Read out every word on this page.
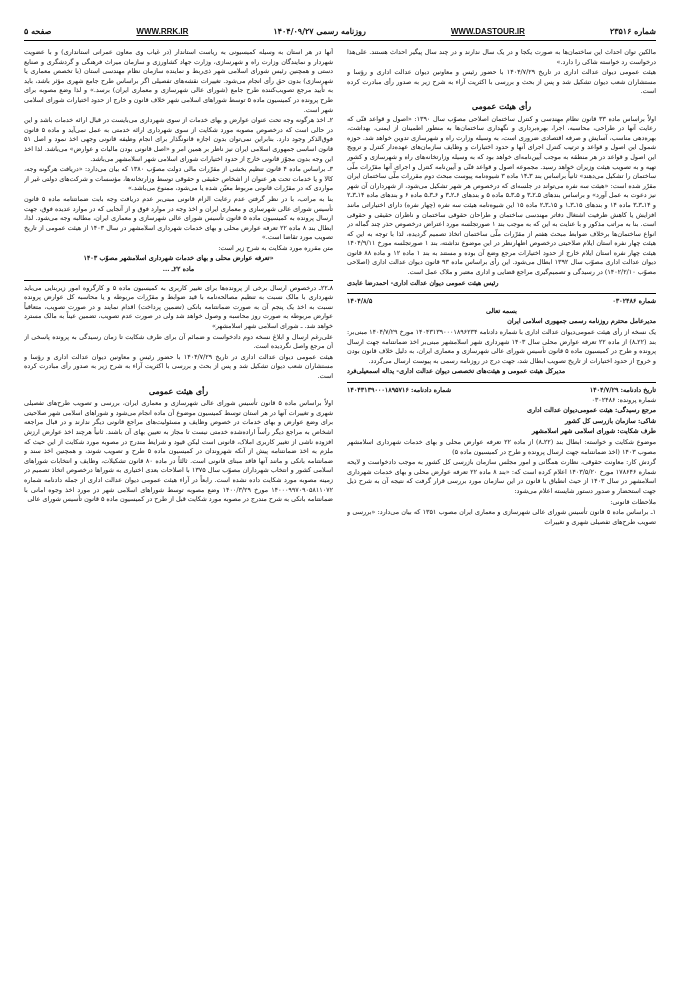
شماره ۲۳۵۱۶
WWW.DASTOUR.IR
روزنامه رسمی ۱۴۰۴/۰۹/۲۷
WWW.RRK.IR
صفحه ۵

مالکین توان احداث این ساختمان‌ها به صورت یکجا و در یک سال ندارند و در چند سال پیگیر احداث هستند. علی‌هذا درخواست رد خواسته شاکی را دارد.»

هیئت عمومی دیوان عدالت اداری در تاریخ ۱۴۰۴/۷/۲۹ با حضور رئیس و معاونین دیوان عدالت اداری و رؤسا و مستشاران شعب دیوان تشکیل شد و پس از بحث و بررسی با اکثریت آراء به شرح زیر به صدور رأی مبادرت کرده است.

رأی هیئت عمومی

اولاً براساس ماده ۳۳ قانون نظام مهندسی و کنترل ساختمان اصلاحی مصوّب سال ۱۳۹۰: «اصول و قواعد فنّی که رعایت آنها در طراحی، محاسبه، اجرا، بهره‌برداری و نگهداری ساختمان‌ها به منظور اطمینان از ایمنی، بهداشت، بهره‌دهی مناسب، آسایش و صرفه اقتصادی ضروری است، به وسیله وزارت راه و شهرسازی تدوین خواهد شد. حوزه شمول این اصول و قواعد و ترتیب کنترل اجرای آنها و حدود اختیارات و وظایف سازمان‌های عهده‌دار کنترل و ترویج این اصول و قواعد در هر منطقه به موجب آیین‌نامه‌ای خواهد بود که به وسیله وزارتخانه‌های راه و شهرسازی و کشور تهیه و به تصویب هیئت وزیران خواهد رسید. مجموعه اصول و قواعد فنّی و آیین‌نامه کنترل و اجرای آنها مقرّرات ملّی ساختمان را تشکیل می‌دهند» ثانیاً براساس بند ۳ـ۱۴ ماده ۳ شیوه‌نامه پیوست مبحث دوم مقررات ملّی ساختمان ایران مقرّر شده است: «هیئت سه نفره می‌تواند در جلسه‌ای که درخصوص هر شهر تشکیل می‌شود، از شهرداران آن شهر نیز دعوت به عمل آورد» و براساس بندهای ۵ـ۲ـ۳ و ۵ـ۳ـ۵ ماده ۵ و بندهای ۶ـ۲ـ۳ و ۶ـ۳ـ۵ ماده ۶ و بندهای ماده ۱۴ـ۳ـ۲ و ۱۴ـ۳ـ۳ ماده ۱۴ و بندهای ۱۵ـ۳ـ۱ و ۱۵ـ۳ـ۲ ماده ۱۵ این شیوه‌نامه هیئت سه نفره (چهار نفره) دارای اختیاراتی مانند افزایش یا کاهش ظرفیت اشتغال دفاتر مهندسی ساختمان و طراحان حقوقی ساختمان و ناظران حقیقی و حقوقی است. بنا به مراتب مذکور و با عنایت به این که به موجب بند ۱ صورتجلسه مورد اعتراض درخصوص حذر چند گماله در انواع ساختمان‌ها برخلاف ضوابط مبحث هفتم از مقرّرات ملّی ساختمان اتخاذ تصمیم گردیده، لذا با توجه به این که هیئت چهار نفره استان ایلام صلاحیتی درخصوص اظهارنظر در این موضوع نداشته، بند ۱ صورتجلسه مورخ ۱۴۰۴/۹/۱۱ هیئت چهار نفره استان ایلام خارج از حدود اختیارات مرجع وضع آن بوده و مستند به بند ۱ ماده ۱۲ و ماده ۸۸ قانون دیوان عدالت اداری مصوّب سال ۱۳۹۲ ابطال می‌شود. این رأی براساس ماده ۹۳ قانون دیوان عدالت اداری (اصلاحی مصوّب ۱۴۰۲/۲/۱۰) در رسیدگی و تصمیم‌گیری مراجع قضایی و اداری معتبر و ملاک عمل است.

رئیس هیئت عمومی دیوان عدالت اداری- احمدرضا عابدی

شماره ۰۳۰۲۴۸۶
۱۴۰۴/۸/۵

بسمه تعالی

مدیرعامل محترم روزنامه رسمی جمهوری اسلامی ایران

یک نسخه از رأی هیئت عمومی‌دیوان عدالت اداری با شماره دادنامه ۱۴۰۴۳۱۳۹۰۰۰۱۸۹۶۲۳۴ مورخ ۱۴۰۴/۷/۲۹ مبنی‌بر: بند (۲۲ـ۸) از ماده ۲۲ تعرفه عوارض محلی سال ۱۴۰۳ شهرداری شهر اسلامشهر مبنی‌بر اخذ ضمانتنامه جهت ارسال پرونده و طرح در کمیسیون ماده ۵ قانون تأسیس شورای عالی شهرسازی و معماری ایران، به دلیل خلاف قانون بودن و خروج از حدود اختیارات از تاریخ تصویب ابطال شد، جهت درج در روزنامه رسمی به پیوست ارسال می‌گردد.

مدیرکل هیئت عمومی و هیئت‌های تخصصی دیوان عدالت اداری- یداله اسمعیلی‌فرد

تاریخ دادنامه: ۱۴۰۴/۷/۲۹
شماره دادنامه: ۱۴۰۴۳۱۳۹۰۰۰۱۸۹۵۷۱۶

شماره پرونده: ۰۳۰۲۴۸۶

مرجع رسیدگی: هیئت عمومی‌دیوان عدالت اداری

شاکی: سازمان بازرسی کل کشور

طرف شکایت: شورای اسلامی شهر اسلامشهر

موضوع شکایت و خواسته: ابطال بند (۲۲ـ۸) از ماده ۲۲ تعرفه عوارض محلی و بهای خدمات شهرداری اسلامشهر مصوب ۱۴۰۳ (اخذ ضمانتنامه جهت ارسال پرونده و طرح در کمیسیون ماده ۵)

گردش کار: معاونت حقوقی، نظارت همگانی و امور مجلس سازمان بازرسی کل کشور به موجب دادخواست و لایحه شماره ۱۷۸۶۴۶ مورخ ۱۴۰۳/۵/۲۰ اعلام کرده است که: «بند ۸ ماده ۲۲ تعرفه عوارض محلی و بهای خدمات شهرداری اسلامشهر در سال ۱۴۰۳ از حیث انطباق با قانون در این سازمان مورد بررسی قرار گرفت که نتیجه آن به شرح ذیل جهت استحضار و صدور دستور شایسته اعلام می‌شود:

ملاحظات قانونی:

۱ـ براساس ماده ۵ قانون تأسیس شورای عالی شهرسازی و معماری ایران مصوب ۱۳۵۱ که بیان می‌دارد: «بررسی و تصویب طرح‌های تفصیلی شهری و تغییرات

آنها در هر استان به وسیله کمیسیونی به ریاست استاندار (در غیاب وی معاون عمرانی استانداری) و با عضویت شهردار و نمایندگان وزارت راه و شهرسازی، وزارت جهاد کشاورزی و سازمان میراث فرهنگی و گردشگری و صنایع دستی و همچنین رئیس شورای اسلامی شهر ذی‌ربط و نماینده سازمان نظام مهندسی استان (با تخصص معماری یا شهرسازی) بدون حق رأی انجام می‌شود. تغییرات نقشه‌های تفصیلی اگر براساس طرح جامع شهری مؤثر باشد، باید به تأیید مرجع تصویب‌کننده طرح جامع (شورای عالی شهرسازی و معماری ایران) برسد.» و لذا وضع مصوبه برای طرح پرونده در کمیسیون ماده ۵ توسط شوراهای اسلامی شهر خلاف قانون و خارج از حدود اختیارات شورای اسلامی شهر است.

۲ـ اخذ هرگونه وجه تحت عنوان عوارض و بهای خدمات از سوی شهرداری می‌بایست در قبال ارائه خدمات باشد و این در حالی است که درخصوص مصوبه مورد شکایت از سوی شهرداری ارائه خدمتی به عمل نمی‌آید و ماده ۵ قانون فوق‌الذکر وجود دارد. بنابراین نمی‌توان بدون اجازه قانونگذار برای انجام وظیفه قانونی وجهی اخذ نمود و اصل ۵۱ قانون اساسی جمهوری اسلامی ایران نیز ناظر بر همین امر و «اصل قانونی بودن مالیات و عوارض» می‌باشد. لذا اخذ این وجه بدون مجوّز قانونی خارج از حدود اختیارات شورای اسلامی شهر اسلامشهر می‌باشد.

۳ـ براساس ماده ۴ قانون تنظیم بخشی از مقرّرات مالی دولت مصوّب ۱۳۸۰ که بیان می‌دارد: «دریافت هرگونه وجه، کالا و یا خدمات تحت هر عنوان از اشخاص حقیقی و حقوقی توسط وزارتخانه‌ها، مؤسسات و شرکت‌های دولتی غیر از مواردی که در مقرّرات قانونی مربوط معیّن شده یا می‌شود، ممنوع می‌باشد.»

بنا به مراتب، با در نظر گرفتن عدم رعایت الزام قانونی مبنی‌بر عدم دریافت وجه بابت ضمانتنامه ماده ۵ قانون تأسیس شورای عالی شهرسازی و معماری ایران و اخذ وجه در موارد فوق و از آنجایی که در موارد عدیده فوق، جهت ارسال پرونده به کمیسیون ماده ۵ قانون تأسیس شورای عالی شهرسازی و معماری ایران، مطالبه وجه می‌شود. لذا، ابطال بند ۸ ماده ۲۲ تعرفه عوارض محلی و بهای خدمات شهرداری اسلامشهر در سال ۱۴۰۳ از هیئت عمومی از تاریخ تصویب مورد تقاضا است.»

متن مقرره مورد شکایت به شرح زیر است:

«تعرفه عوارض محلی و بهای خدمات شهرداری اسلامشهر مصوّب ۱۴۰۳

ماده ۲۲ـ ...

۸ـ۲۲ـ درخصوص ارسال برخی از پرونده‌ها برای تغییر کاربری به کمیسیون ماده ۵ و کارگروه امور زیربنایی می‌باید شهرداری با مالک نسبت به تنظیم مصالحه‌نامه با قید ضوابط و مقرّرات مربوطه و یا محاسبه کل عوارض پرونده نسبت به اخذ یک پنجم آن به صورت ضمانتنامه بانکی (تضمین پرداخت) اقدام نمایند و در صورت تصویب، متعاقباً عوارض مربوطه به صورت روز محاسبه و وصول خواهد شد ولی در صورت عدم تصویب، تضمین عیناً به مالک مسترد خواهد شد. ـ شورای اسلامی شهر اسلامشهر»

علی‌رغم ارسال و ابلاغ نسخه دوم دادخواست و ضمائم آن برای طرف شکایت تا زمان رسیدگی به پرونده پاسخی از آن مرجع واصل نگردیده است.

هیئت عمومی دیوان عدالت اداری در تاریخ ۱۴۰۴/۷/۲۹ با حضور رئیس و معاونین دیوان عدالت اداری و رؤسا و مستشاران شعب دیوان تشکیل شد و پس از بحث و بررسی با اکثریت آراء به شرح زیر به صدور رأی مبادرت کرده است.

رأی هیئت عمومی

اولاً براساس ماده ۵ قانون تأسیس شورای عالی شهرسازی و معماری ایران، بررسی و تصویب طرح‌های تفصیلی شهری و تغییرات آنها در هر استان توسط کمیسیون موضوع آن ماده انجام می‌شود و شوراهای اسلامی شهر صلاحیتی برای وضع عوارض و بهای خدمات در خصوص وظایف و مسئولیت‌های مراجع قانونی دیگر ندارند و در قبال مراجعه اشخاص به مراجع دیگر رأساً اراده‌شده خدمتی نیست تا مجاز به تعیین بهای آن باشند. ثانیاً هرچند اخذ عوارض ارزش افزوده ناشی از تغییر کاربری املاک، قانونی است لیکن قیود و شرایط مندرج در مصوبه مورد شکایت از این حیث که ملزم به اخذ ضمانتنامه پیش از آنکه شهروندان در کمیسیون ماده ۵ طرح و تصویب شوند، و همچنین اخذ سند و ضمانتنامه بانکی و مانند آنها فاقد مبنای قانونی است. ثالثاً در ماده ۸۰ قانون تشکیلات، وظایف و انتخابات شوراهای اسلامی کشور و انتخاب شهرداران مصوّب سال ۱۳۷۵ با اصلاحات بعدی اختیاری به شوراها درخصوص اتخاذ تصمیم در زمینه مصوبه مورد شکایت داده نشده است. رابعاً در آراء هیئت عمومی دیوان عدالت اداری از جمله دادنامه شماره ۱۴۰۰۰۹۹۷۰۹۰۵۸۱۱۰۷۲ مورخ ۱۴۰۰/۳/۲۹ وضع مصوبه توسط شوراهای اسلامی شهر در مورد اخذ وجوه امانی با ضمانتنامه بانکی به شرح مندرج در مصوبه مورد شکایت قبل از طرح در کمیسیون ماده ۵ قانون تأسیس شورای عالی
